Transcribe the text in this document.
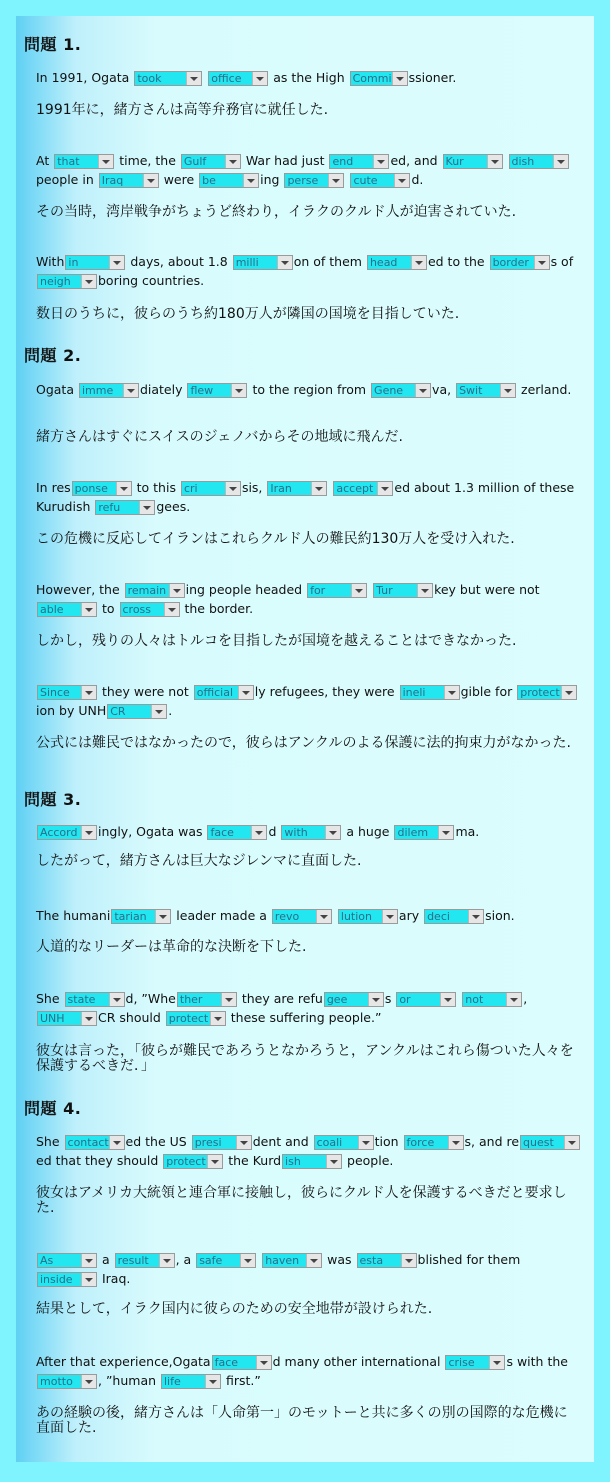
問題 1.
In 1991, Ogata took
	office as the High Commi ssioner.
1991年に，緒方さんは高等弁務官に就任した.
At that	time, the Gulf	War had just end	ed, and Kur
	dish
people in Iraq	were be	ing perse
	cute	d.
その当時，湾岸戦争がちょうど終わり，イラクのクルド人が迫害されていた.
With in	days, about 1.8 milli	on of them head ed to the border s of
neigh boring countries.
数日のうちに，彼らのうち約180万人が隣国の国境を目指していた.
問題 2.
Ogata imme diately flew	to the region from Gene va, Swit	zerland.
緒方さんはすぐにスイスのジェノバからその地域に飛んだ.
In res ponse to this cri	sis, Iran
	accept ed about 1.3 million of these Kurudish refu	gees.
この危機に反応してイランはこれらクルド人の難民約130万人を受け入れた.
However, the remain ing people headed for
	Tur	key but were not
able	to cross the border.
しかし，残りの人々はトルコを目指したが国境を越えることはできなかった.
Since they were not official ly refugees, they were ineli	gible for protect
ion by UNH CR	.
公式には難民ではなかったので，彼らはアンクルのよる保護に法的拘束力がなかった.
問題 3.
Accord ingly, Ogata was face	d with	a huge dilem ma.
したがって，緒方さんは巨大なジレンマに直面した.
The humani tarian leader made a revo
	lution ary deci	sion.
人道的なリーダーは革命的な決断を下した.
She state d, ”Whe ther	they are refu gee	s or
	not	,
UNH	CR should protect these suffering people.”
彼女は言った，「彼らが難民であろうとなかろうと，アンクルはこれら傷ついた人々を保護するべきだ．」
問題 4.
She contact ed the US presi dent and coali	tion force s, and re quest
ed that they should protect the Kurd ish	people.
彼女はアメリカ大統領と連合軍に接触し，彼らにクルド人を保護するべきだと要求した.
As	a result , a safe
	haven was esta	blished for them
inside Iraq.
結果として，イラク国内に彼らのための安全地帯が設けられた.
After that experience,Ogata face	d many other international crise	s with the
motto , ”human life	first.”
あの経験の後，緒方さんは「人命第一」のモットーと共に多くの別の国際的な危機に直面した.
